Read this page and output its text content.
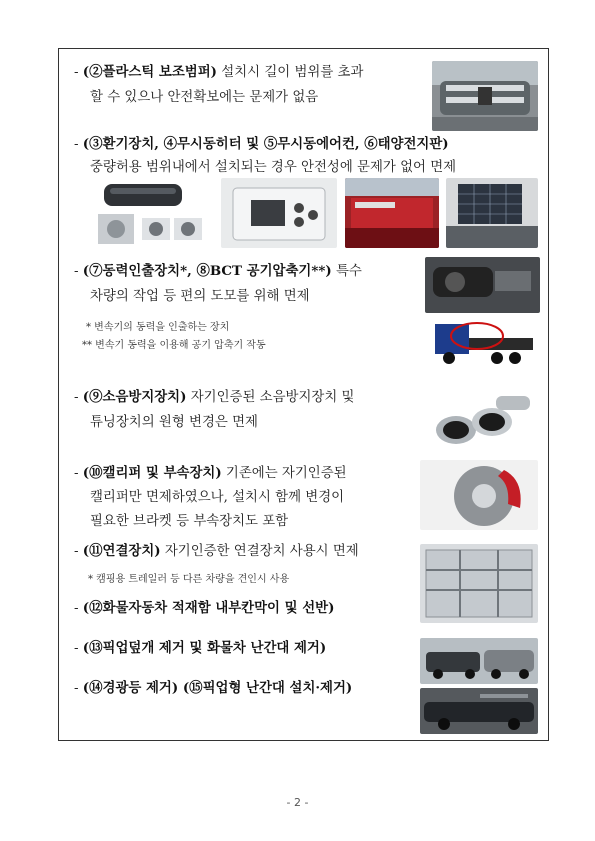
- (②플라스틱 보조범퍼) 설치시 길이 범위를 초과
할 수 있으나 안전확보에는 문제가 없음
- (③환기장치, ④무시동히터 및 ⑤무시동에어컨, ⑥태양전지판)
중량허용 범위내에서 설치되는 경우 안전성에 문제가 없어 면제
- (⑦동력인출장치*, ⑧BCT 공기압축기**) 특수
차량의 작업 등 편의 도모를 위해 면제
* 변속기의 동력을 인출하는 장치
** 변속기 동력을 이용해 공기 압축기 작동
- (⑨소음방지장치) 자기인증된 소음방지장치 및
튜닝장치의 원형 변경은 면제
- (⑩캘리퍼 및 부속장치) 기존에는 자기인증된
캘리퍼만 면제하였으나, 설치시 함께 변경이
필요한 브라켓 등 부속장치도 포함
- (⑪연결장치) 자기인증한 연결장치 사용시 면제
* 캠핑용 트레일러 등 다른 차량을 견인시 사용
- (⑫화물자동차 적재함 내부칸막이 및 선반)
- (⑬픽업덮개 제거 및 화물차 난간대 제거)
- (⑭경광등 제거) (⑮픽업형 난간대 설치·제거)
- 2 -
